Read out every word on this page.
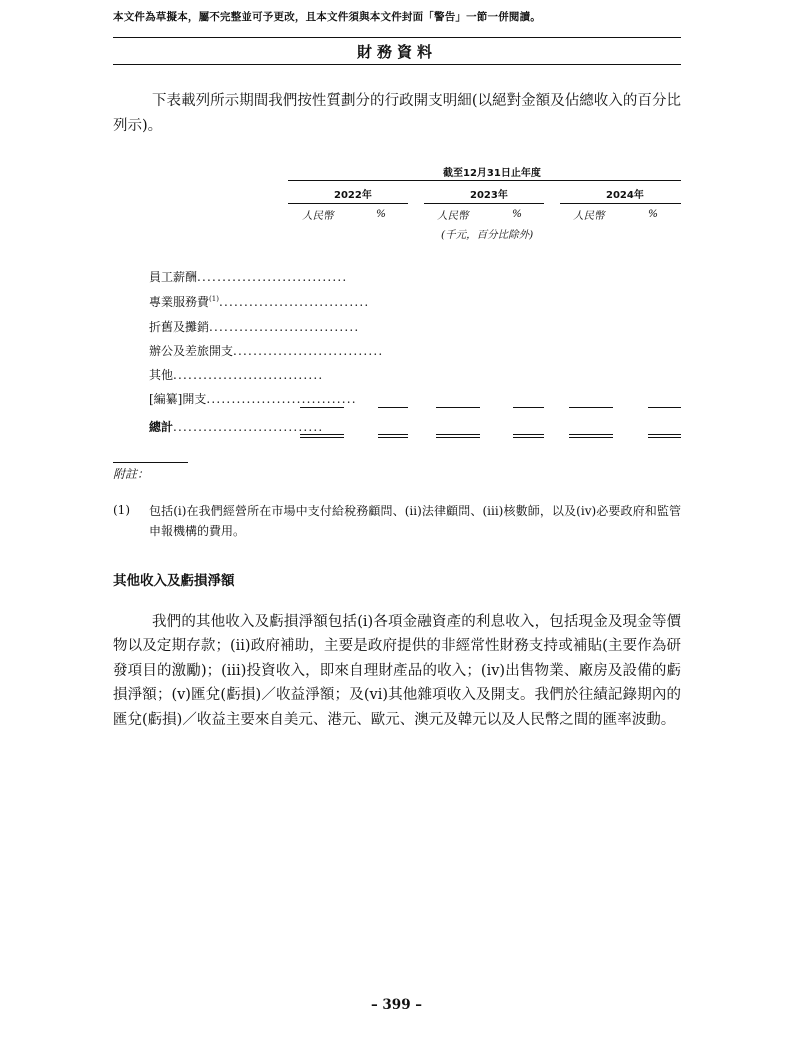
本文件為草擬本，屬不完整並可予更改，且本文件須與本文件封面「警告」一節一併閱讀。
財務資料
下表載列所示期間我們按性質劃分的行政開支明細(以絕對金額及佔總收入的百分比列示)。
截至12月31日止年度
2022年	2023年	2024年
人民幣	%	人民幣	%	人民幣	%
(千元，百分比除外)
員工薪酬..............................
專業服務費$^{(1)}$..............................
折舊及攤銷..............................
辦公及差旅開支..............................
其他..............................
[編纂]開支..............................
總計..............................
附註：
(1) 包括(i)在我們經營所在市場中支付給稅務顧問、(ii)法律顧問、(iii)核數師，以及(iv)必要政府和監管申報機構的費用。
其他收入及虧損淨額
我們的其他收入及虧損淨額包括(i)各項金融資產的利息收入，包括現金及現金等價物以及定期存款；(ii)政府補助，主要是政府提供的非經常性財務支持或補貼(主要作為研發項目的激勵)；(iii)投資收入，即來自理財產品的收入；(iv)出售物業、廠房及設備的虧損淨額；(v)匯兌(虧損)／收益淨額；及(vi)其他雜項收入及開支。我們於往績記錄期內的匯兌(虧損)／收益主要來自美元、港元、歐元、澳元及韓元以及人民幣之間的匯率波動。
– 399 –
